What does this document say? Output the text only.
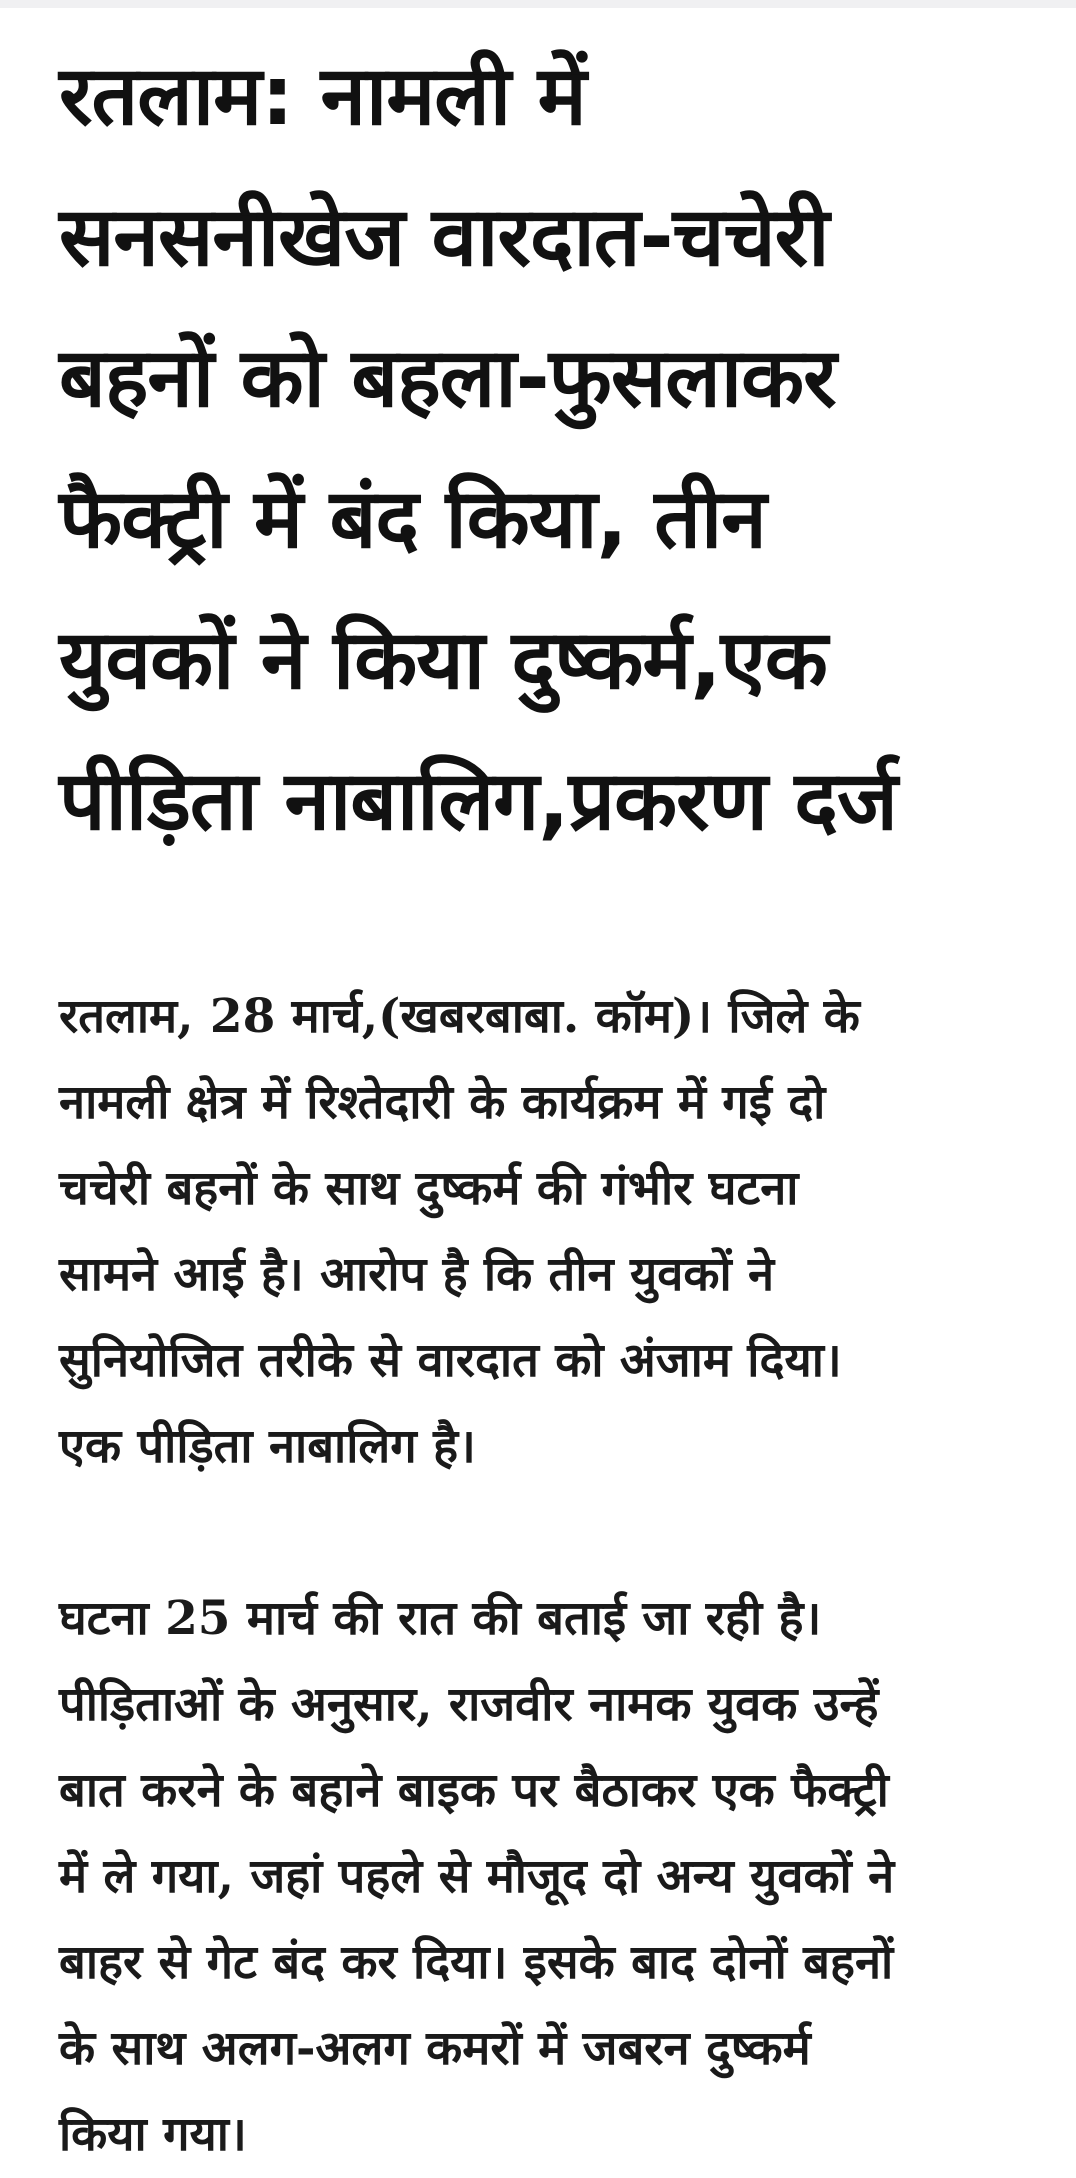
रतलाम: नामली में
सनसनीखेज वारदात-चचेरी
बहनों को बहला-फुसलाकर
फैक्ट्री में बंद किया, तीन
युवकों ने किया दुष्कर्म,एक
पीड़िता नाबालिग,प्रकरण दर्ज

रतलाम, 28 मार्च,(खबरबाबा. कॉम)। जिले के
नामली क्षेत्र में रिश्तेदारी के कार्यक्रम में गई दो
चचेरी बहनों के साथ दुष्कर्म की गंभीर घटना
सामने आई है। आरोप है कि तीन युवकों ने
सुनियोजित तरीके से वारदात को अंजाम दिया।
एक पीड़िता नाबालिग है।

घटना 25 मार्च की रात की बताई जा रही है।
पीड़िताओं के अनुसार, राजवीर नामक युवक उन्हें
बात करने के बहाने बाइक पर बैठाकर एक फैक्ट्री
में ले गया, जहां पहले से मौजूद दो अन्य युवकों ने
बाहर से गेट बंद कर दिया। इसके बाद दोनों बहनों
के साथ अलग-अलग कमरों में जबरन दुष्कर्म
किया गया।
